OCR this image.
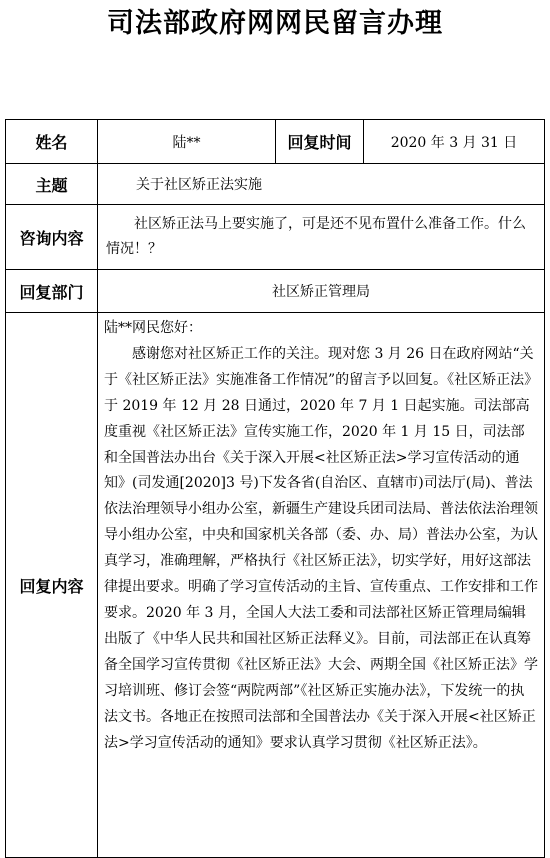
司法部政府网网民留言办理
姓名	陆**	回复时间	2020 年 3 月 31 日
主题	关于社区矫正法实施		
咨询内容	社区矫正法马上要实施了，可是还不见布置什么准备工作。什么情况！？		

回复部门	社区矫正管理局		
回复内容	陆**网民您好：

感谢您对社区矫正工作的关注。现对您 3 月 26 日在政府网站“关于《社区矫正法》实施准备工作情况”的留言予以回复。《社区矫正法》于 2019 年 12 月 28 日通过，2020 年 7 月 1 日起实施。司法部高度重视《社区矫正法》宣传实施工作，2020 年 1 月 15 日，司法部和全国普法办出台《关于深入开展<社区矫正法>学习宣传活动的通知》(司发通[2020]3 号)下发各省(自治区、直辖市)司法厅(局)、普法依法治理领导小组办公室，新疆生产建设兵团司法局、普法依法治理领导小组办公室，中央和国家机关各部（委、办、局）普法办公室，为认真学习，准确理解，严格执行《社区矫正法》，切实学好，用好这部法律提出要求。明确了学习宣传活动的主旨、宣传重点、工作安排和工作要求。2020 年 3 月，全国人大法工委和司法部社区矫正管理局编辑出版了《中华人民共和国社区矫正法释义》。目前，司法部正在认真筹备全国学习宣传贯彻《社区矫正法》大会、两期全国《社区矫正法》学习培训班、修订会签“两院两部”《社区矫正实施办法》，下发统一的执法文书。各地正在按照司法部和全国普法办《关于深入开展<社区矫正法>学习宣传活动的通知》要求认真学习贯彻《社区矫正法》。		
